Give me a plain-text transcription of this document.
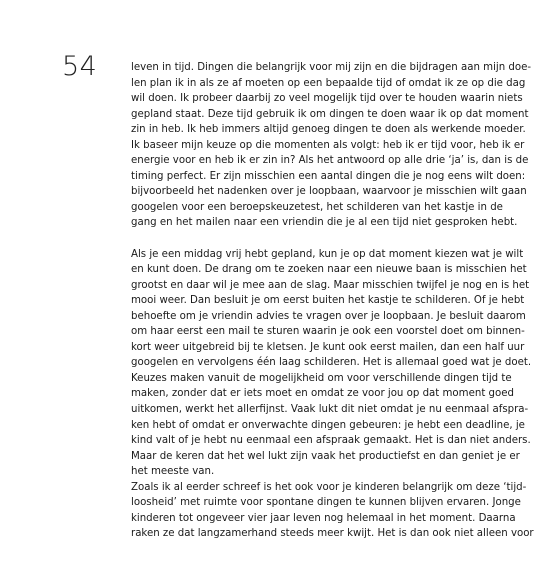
54	leven in tijd. Dingen die belangrijk voor mij zijn en die bijdragen aan mijn doe-
len plan ik in als ze af moeten op een bepaalde tijd of omdat ik ze op die dag
wil doen. Ik probeer daarbij zo veel mogelijk tijd over te houden waarin niets
gepland staat. Deze tijd gebruik ik om dingen te doen waar ik op dat moment
zin in heb. Ik heb immers altijd genoeg dingen te doen als werkende moeder.
Ik baseer mijn keuze op die momenten als volgt: heb ik er tijd voor, heb ik er
energie voor en heb ik er zin in? Als het antwoord op alle drie ‘ja’ is, dan is de
timing perfect. Er zijn misschien een aantal dingen die je nog eens wilt doen:
bijvoorbeeld het nadenken over je loopbaan, waarvoor je misschien wilt gaan
googelen voor een beroepskeuzetest, het schilderen van het kastje in de
gang en het mailen naar een vriendin die je al een tijd niet gesproken hebt.
Als je een middag vrij hebt gepland, kun je op dat moment kiezen wat je wilt
en kunt doen. De drang om te zoeken naar een nieuwe baan is misschien het
grootst en daar wil je mee aan de slag. Maar misschien twijfel je nog en is het
mooi weer. Dan besluit je om eerst buiten het kastje te schilderen. Of je hebt
behoefte om je vriendin advies te vragen over je loopbaan. Je besluit daarom
om haar eerst een mail te sturen waarin je ook een voorstel doet om binnen-
kort weer uitgebreid bij te kletsen. Je kunt ook eerst mailen, dan een half uur
googelen en vervolgens één laag schilderen. Het is allemaal goed wat je doet.
Keuzes maken vanuit de mogelijkheid om voor verschillende dingen tijd te
maken, zonder dat er iets moet en omdat ze voor jou op dat moment goed
uitkomen, werkt het allerfijnst. Vaak lukt dit niet omdat je nu eenmaal afspra-
ken hebt of omdat er onverwachte dingen gebeuren: je hebt een deadline, je
kind valt of je hebt nu eenmaal een afspraak gemaakt. Het is dan niet anders.
Maar de keren dat het wel lukt zijn vaak het productiefst en dan geniet je er
het meeste van.
Zoals ik al eerder schreef is het ook voor je kinderen belangrijk om deze ‘tijd-
loosheid’ met ruimte voor spontane dingen te kunnen blijven ervaren. Jonge
kinderen tot ongeveer vier jaar leven nog helemaal in het moment. Daarna
raken ze dat langzamerhand steeds meer kwijt. Het is dan ook niet alleen voor
